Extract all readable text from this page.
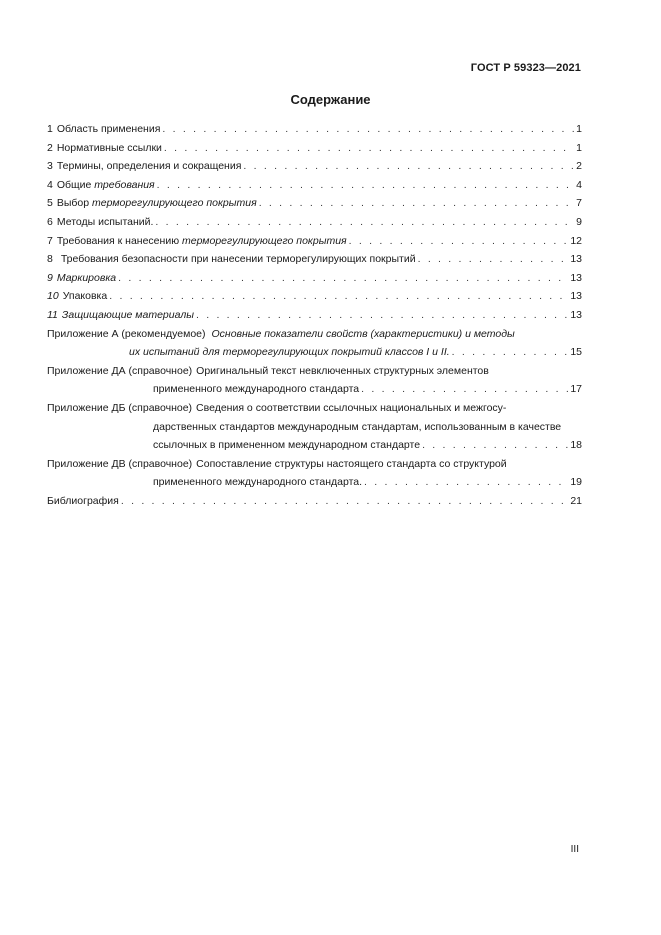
ГОСТ Р 59323—2021
Содержание
1 Область применения . . .	1
2 Нормативные ссылки . . .	1
3 Термины, определения и сокращения . . .	2
4 Общие требования . . .	4
5 Выбор терморегулирующего покрытия . . .	7
6 Методы испытаний. . . .	9
7 Требования к нанесению терморегулирующего покрытия . . .	12
8 Требования безопасности при нанесении терморегулирующих покрытий . . .	13
9 Маркировка . . .	13
10 Упаковка . . .	13
11 Защищающие материалы . . .	13
Приложение А (рекомендуемое) Основные показатели свойств (характеристики) и методы
их испытаний для терморегулирующих покрытий классов I и II. . . .	15
Приложение ДА (справочное) Оригинальный текст невключенных структурных элементов
примененного международного стандарта . . .	17
Приложение ДБ (справочное) Сведения о соответствии ссылочных национальных и межгосу-
дарственных стандартов международным стандартам, использованным в качестве
ссылочных в примененном международном стандарте . . .	18
Приложение ДВ (справочное) Сопоставление структуры настоящего стандарта со структурой
примененного международного стандарта. . . .	19
Библиография . . .	21
III
